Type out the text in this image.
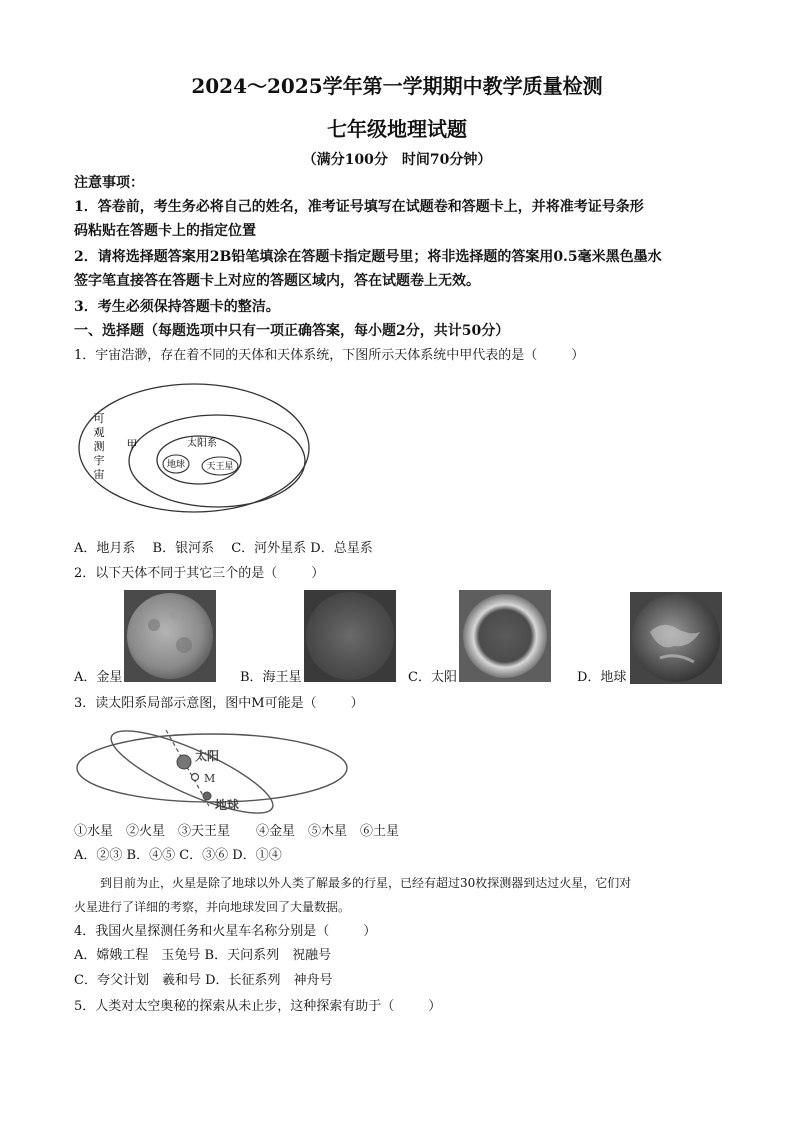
2024～2025学年第一学期期中教学质量检测
七年级地理试题
（满分100分　时间70分钟）
注意事项：
1．答卷前，考生务必将自己的姓名，准考证号填写在试题卷和答题卡上，并将准考证号条形
码粘贴在答题卡上的指定位置
2．请将选择题答案用2B铅笔填涂在答题卡指定题号里；将非选择题的答案用0.5毫米黑色墨水
签字笔直接答在答题卡上对应的答题区域内，答在试题卷上无效。
3．考生必须保持答题卡的整洁。
一、选择题（每题选项中只有一项正确答案，每小题2分，共计50分）
1．宇宙浩渺，存在着不同的天体和天体系统，下图所示天体系统中甲代表的是（	）
可
观
测
宇
宙
甲	太阳系
地球 天王星
A．地月系　 B．银河系　 C．河外星系 D．总星系
2．以下天体不同于其它三个的是（	）
A．金星	B．海王星	C．太阳	D．地球
3．读太阳系局部示意图，图中M可能是（	）
太阳
M
地球
①水星　②火星　③天王星　　④金星　⑤木星　⑥土星
A．②③ B．④⑤ C．③⑥ D．①④
到目前为止，火星是除了地球以外人类了解最多的行星，已经有超过30枚探测器到达过火星，它们对
火星进行了详细的考察，并向地球发回了大量数据。
4．我国火星探测任务和火星车名称分别是（	）
A．嫦娥工程　玉兔号 B．天问系列　祝融号
C．夸父计划　羲和号 D．长征系列　神舟号
5．人类对太空奥秘的探索从未止步，这种探索有助于（	）
